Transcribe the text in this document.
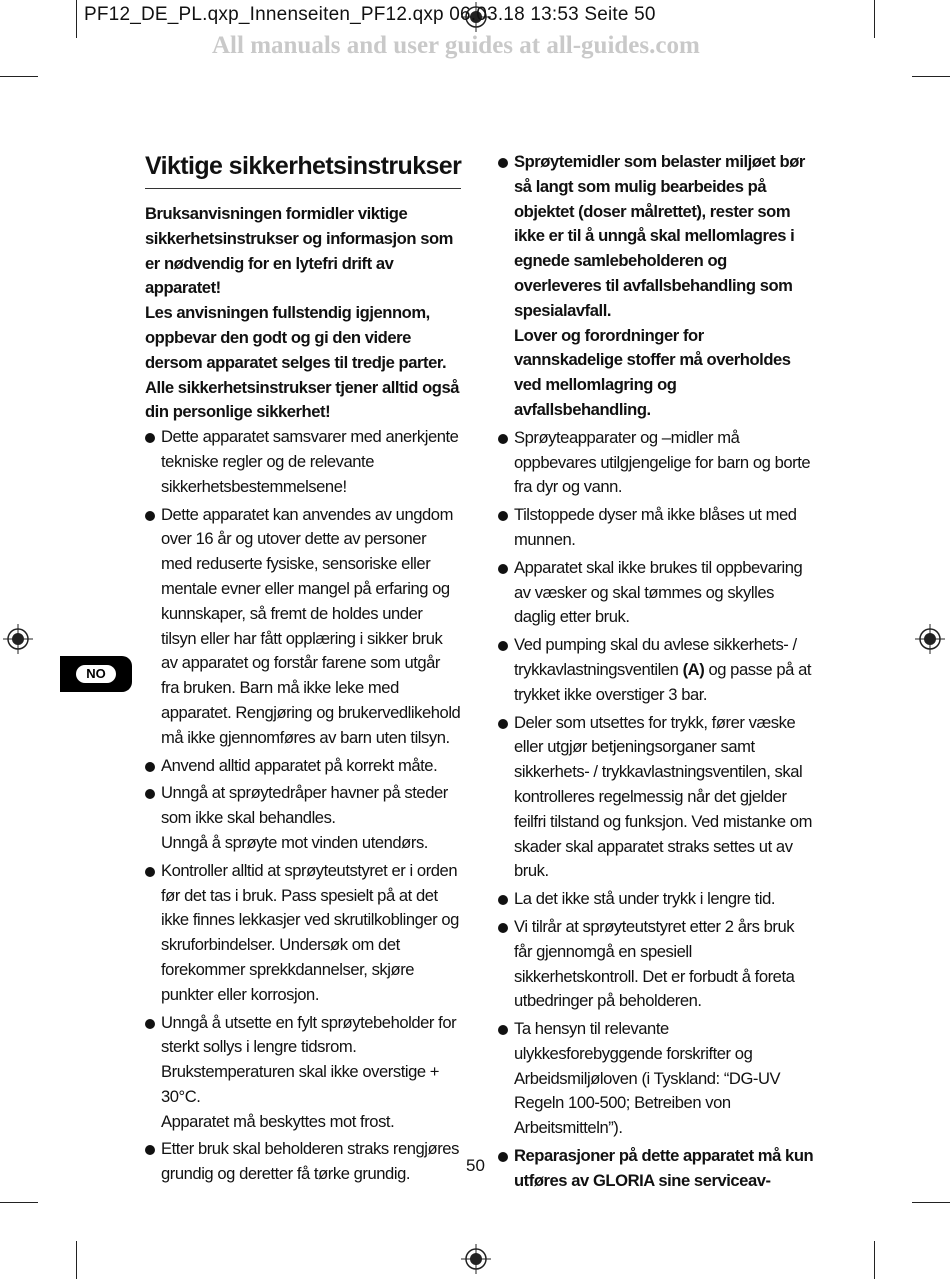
PF12_DE_PL.qxp_Innenseiten_PF12.qxp 06.03.18 13:53 Seite 50
All manuals and user guides at all-guides.com
NO
Viktige sikkerhetsinstrukser

Bruksanvisningen formidler viktige sikkerhetsinstrukser og informasjon som er nødvendig for en lytefri drift av apparatet!

Les anvisningen fullstendig igjennom, oppbevar den godt og gi den videre dersom apparatet selges til tredje parter.

Alle sikkerhetsinstrukser tjener alltid også din personlige sikkerhet!

Dette apparatet samsvarer med anerkjente tekniske regler og de relevante sikkerhetsbestemmelsene!
Dette apparatet kan anvendes av ungdom over 16 år og utover dette av personer med reduserte fysiske, sensoriske eller mentale evner eller mangel på erfaring og kunnskaper, så fremt de holdes under tilsyn eller har fått opplæring i sikker bruk av apparatet og forstår farene som utgår fra bruken. Barn må ikke leke med apparatet. Rengjøring og brukervedlikehold må ikke gjennomføres av barn uten tilsyn.
Anvend alltid apparatet på korrekt måte.
Unngå at sprøytedråper havner på steder som ikke skal behandles.
Unngå å sprøyte mot vinden utendørs.
Kontroller alltid at sprøyteutstyret er i orden før det tas i bruk. Pass spesielt på at det ikke finnes lekkasjer ved skrutilkoblinger og skruforbindelser. Undersøk om det forekommer sprekkdannelser, skjøre punkter eller korrosjon.
Unngå å utsette en fylt sprøytebeholder for sterkt sollys i lengre tidsrom. Brukstemperaturen skal ikke overstige + 30°C.
Apparatet må beskyttes mot frost.
Etter bruk skal beholderen straks rengjøres grundig og deretter få tørke grundig.
Sprøytemidler som belaster miljøet bør så langt som mulig bearbeides på objektet (doser målrettet), rester som ikke er til å unngå skal mellomlagres i egnede samlebeholderen og overleveres til avfallsbehandling som spesialavfall.
Lover og forordninger for vannskadelige stoffer må overholdes ved mellomlagring og avfallsbehandling.
Sprøyteapparater og –midler må oppbevares utilgjengelige for barn og borte fra dyr og vann.
Tilstoppede dyser må ikke blåses ut med munnen.
Apparatet skal ikke brukes til oppbevaring av væsker og skal tømmes og skylles daglig etter bruk.
Ved pumping skal du avlese sikkerhets- / trykkavlastningsventilen (A) og passe på at trykket ikke overstiger 3 bar.
Deler som utsettes for trykk, fører væske eller utgjør betjeningsorganer samt sikkerhets- / trykkavlastningsventilen, skal kontrolleres regelmessig når det gjelder feilfri tilstand og funksjon. Ved mistanke om skader skal apparatet straks settes ut av bruk.
La det ikke stå under trykk i lengre tid.
Vi tilrår at sprøyteutstyret etter 2 års bruk får gjennomgå en spesiell sikkerhetskontroll. Det er forbudt å foreta utbedringer på beholderen.
Ta hensyn til relevante ulykkesforebyggende forskrifter og Arbeidsmiljøloven (i Tyskland: “DG-UV Regeln 100-500; Betreiben von Arbeitsmitteln”).
Reparasjoner på dette apparatet må kun utføres av GLORIA sine serviceav-
50
